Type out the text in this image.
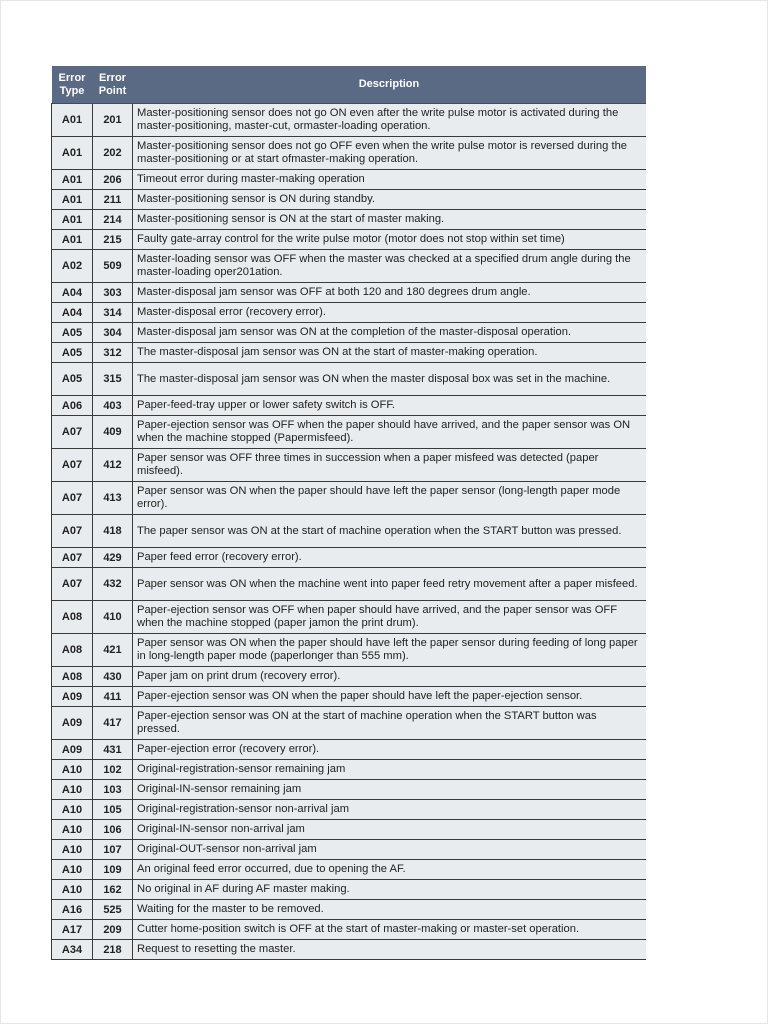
Error Type	Error Point	Description
A01	201	Master-positioning sensor does not go ON even after the write pulse motor is activated during the master-positioning, master-cut, ormaster-loading operation.
A01	202	Master-positioning sensor does not go OFF even when the write pulse motor is reversed during the master-positioning or at start ofmaster-making operation.
A01	206	Timeout error during master-making operation
A01	211	Master-positioning sensor is ON during standby.
A01	214	Master-positioning sensor is ON at the start of master making.
A01	215	Faulty gate-array control for the write pulse motor (motor does not stop within set time)
A02	509	Master-loading sensor was OFF when the master was checked at a specified drum angle during the master-loading oper201ation.
A04	303	Master-disposal jam sensor was OFF at both 120 and 180 degrees drum angle.
A04	314	Master-disposal error (recovery error).
A05	304	Master-disposal jam sensor was ON at the completion of the master-disposal operation.
A05	312	The master-disposal jam sensor was ON at the start of master-making operation.
A05	315	The master-disposal jam sensor was ON when the master disposal box was set in the machine.
A06	403	Paper-feed-tray upper or lower safety switch is OFF.
A07	409	Paper-ejection sensor was OFF when the paper should have arrived, and the paper sensor was ON when the machine stopped (Papermisfeed).
A07	412	Paper sensor was OFF three times in succession when a paper misfeed was detected (paper misfeed).
A07	413	Paper sensor was ON when the paper should have left the paper sensor (long-length paper mode error).
A07	418	The paper sensor was ON at the start of machine operation when the START button was pressed.
A07	429	Paper feed error (recovery error).
A07	432	Paper sensor was ON when the machine went into paper feed retry movement after a paper misfeed.
A08	410	Paper-ejection sensor was OFF when paper should have arrived, and the paper sensor was OFF when the machine stopped (paper jamon the print drum).
A08	421	Paper sensor was ON when the paper should have left the paper sensor during feeding of long paper in long-length paper mode (paperlonger than 555 mm).
A08	430	Paper jam on print drum (recovery error).
A09	411	Paper-ejection sensor was ON when the paper should have left the paper-ejection sensor.
A09	417	Paper-ejection sensor was ON at the start of machine operation when the START button was pressed.
A09	431	Paper-ejection error (recovery error).
A10	102	Original-registration-sensor remaining jam
A10	103	Original-IN-sensor remaining jam
A10	105	Original-registration-sensor non-arrival jam
A10	106	Original-IN-sensor non-arrival jam
A10	107	Original-OUT-sensor non-arrival jam
A10	109	An original feed error occurred, due to opening the AF.
A10	162	No original in AF during AF master making.
A16	525	Waiting for the master to be removed.
A17	209	Cutter home-position switch is OFF at the start of master-making or master-set operation.
A34	218	Request to resetting the master.
